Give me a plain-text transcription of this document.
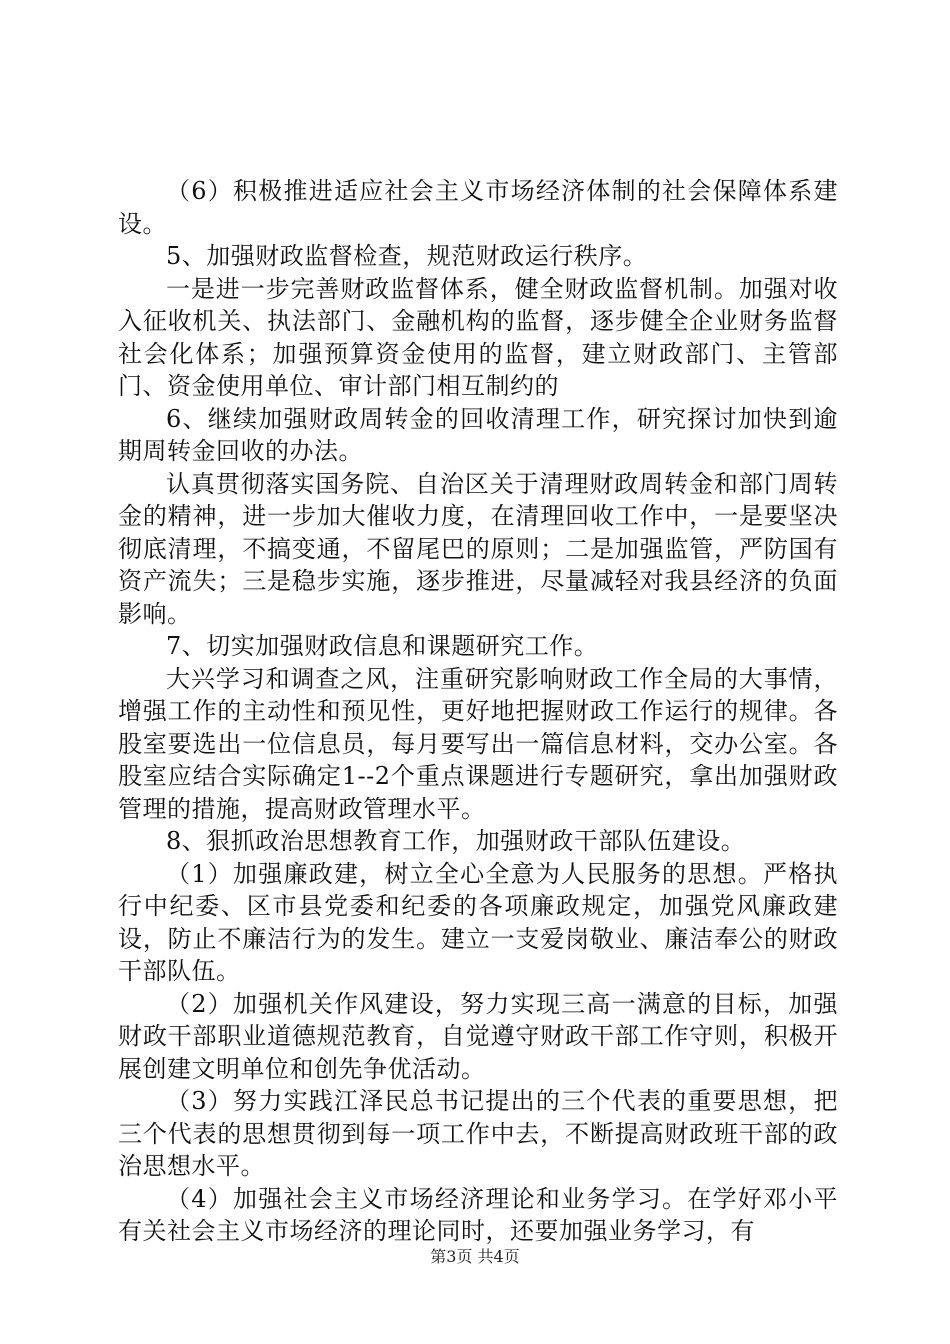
（6）积极推进适应社会主义市场经济体制的社会保障体系建设。

5、加强财政监督检查，规范财政运行秩序。

一是进一步完善财政监督体系，健全财政监督机制。加强对收入征收机关、执法部门、金融机构的监督，逐步健全企业财务监督社会化体系；加强预算资金使用的监督，建立财政部门、主管部门、资金使用单位、审计部门相互制约的

6、继续加强财政周转金的回收清理工作，研究探讨加快到逾期周转金回收的办法。

认真贯彻落实国务院、自治区关于清理财政周转金和部门周转金的精神，进一步加大催收力度，在清理回收工作中，一是要坚决彻底清理，不搞变通，不留尾巴的原则；二是加强监管，严防国有资产流失；三是稳步实施，逐步推进，尽量减轻对我县经济的负面影响。

7、切实加强财政信息和课题研究工作。

大兴学习和调查之风，注重研究影响财政工作全局的大事情，增强工作的主动性和预见性，更好地把握财政工作运行的规律。各股室要选出一位信息员，每月要写出一篇信息材料，交办公室。各股室应结合实际确定1--2个重点课题进行专题研究，拿出加强财政管理的措施，提高财政管理水平。

8、狠抓政治思想教育工作，加强财政干部队伍建设。

（1）加强廉政建，树立全心全意为人民服务的思想。严格执行中纪委、区市县党委和纪委的各项廉政规定，加强党风廉政建设，防止不廉洁行为的发生。建立一支爱岗敬业、廉洁奉公的财政干部队伍。

（2）加强机关作风建设，努力实现三高一满意的目标，加强财政干部职业道德规范教育，自觉遵守财政干部工作守则，积极开展创建文明单位和创先争优活动。

（3）努力实践江泽民总书记提出的三个代表的重要思想，把三个代表的思想贯彻到每一项工作中去，不断提高财政班干部的政治思想水平。

（4）加强社会主义市场经济理论和业务学习。在学好邓小平有关社会主义市场经济的理论同时，还要加强业务学习，有

第3页 共4页
